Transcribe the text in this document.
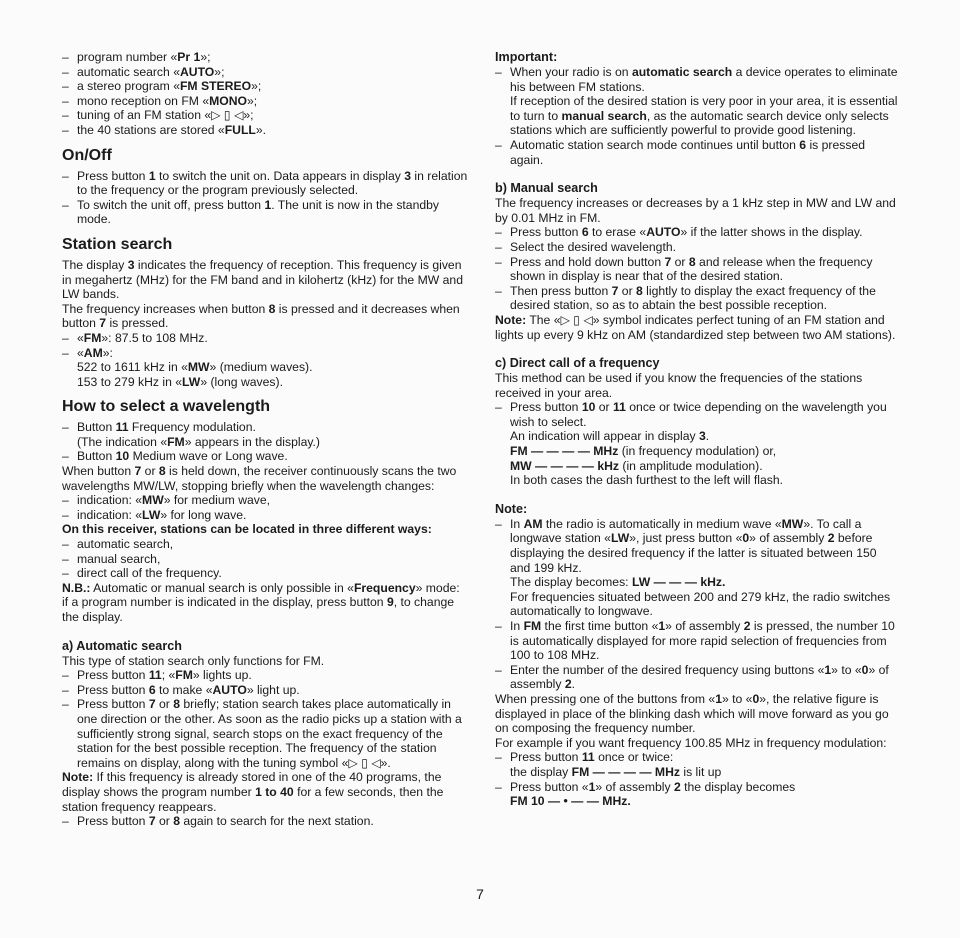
– program number «Pr 1»;
– automatic search «AUTO»;
– a stereo program «FM STEREO»;
– mono reception on FM «MONO»;
– tuning of an FM station «▷ ▯ ◁»;
– the 40 stations are stored «FULL».
On/Off
– Press button 1 to switch the unit on. Data appears in display 3 in relation to the frequency or the program previously selected.
– To switch the unit off, press button 1. The unit is now in the standby mode.
Station search

The display 3 indicates the frequency of reception. This frequency is given in megahertz (MHz) for the FM band and in kilohertz (kHz) for the MW and LW bands.

The frequency increases when button 8 is pressed and it decreases when button 7 is pressed.

– «FM»: 87.5 to 108 MHz.
– «AM»:
522 to 1611 kHz in «MW» (medium waves).
153 to 279 kHz in «LW» (long waves).
How to select a wavelength
– Button 11 Frequency modulation.
(The indication «FM» appears in the display.)
– Button 10 Medium wave or Long wave.

When button 7 or 8 is held down, the receiver continuously scans the two wavelengths MW/LW, stopping briefly when the wavelength changes:

– indication: «MW» for medium wave,
– indication: «LW» for long wave.

On this receiver, stations can be located in three different ways:

– automatic search,
– manual search,
– direct call of the frequency.

N.B.: Automatic or manual search is only possible in «Frequency» mode: if a program number is indicated in the display, press button 9, to change the display.

a) Automatic search

This type of station search only functions for FM.

– Press button 11; «FM» lights up.
– Press button 6 to make «AUTO» light up.
– Press button 7 or 8 briefly; station search takes place automatically in one direction or the other. As soon as the radio picks up a station with a sufficiently strong signal, search stops on the exact frequency of the station for the best possible reception. The frequency of the station remains on display, along with the tuning symbol «▷ ▯ ◁».

Note: If this frequency is already stored in one of the 40 programs, the display shows the program number 1 to 40 for a few seconds, then the station frequency reappears.

– Press button 7 or 8 again to search for the next station.
Important:
– When your radio is on automatic search a device operates to eliminate his between FM stations.
If reception of the desired station is very poor in your area, it is essential to turn to manual search, as the automatic search device only selects stations which are sufficiently powerful to provide good listening.
– Automatic station search mode continues until button 6 is pressed again.
b) Manual search

The frequency increases or decreases by a 1 kHz step in MW and LW and by 0.01 MHz in FM.

– Press button 6 to erase «AUTO» if the latter shows in the display.
– Select the desired wavelength.
– Press and hold down button 7 or 8 and release when the frequency shown in display is near that of the desired station.
– Then press button 7 or 8 lightly to display the exact frequency of the desired station, so as to abtain the best possible reception.

Note: The «▷ ▯ ◁» symbol indicates perfect tuning of an FM station and lights up every 9 kHz on AM (standardized step between two AM stations).

c) Direct call of a frequency

This method can be used if you know the frequencies of the stations received in your area.

– Press button 10 or 11 once or twice depending on the wavelength you wish to select.
An indication will appear in display 3.
FM — — — — MHz (in frequency modulation) or,
MW — — — — kHz (in amplitude modulation).
In both cases the dash furthest to the left will flash.
Note:
– In AM the radio is automatically in medium wave «MW». To call a longwave station «LW», just press button «0» of assembly 2 before displaying the desired frequency if the latter is situated between 150 and 199 kHz.
The display becomes: LW — — — kHz.
For frequencies situated between 200 and 279 kHz, the radio switches automatically to longwave.
– In FM the first time button «1» of assembly 2 is pressed, the number 10 is automatically displayed for more rapid selection of frequencies from 100 to 108 MHz.
– Enter the number of the desired frequency using buttons «1» to «0» of assembly 2.

When pressing one of the buttons from «1» to «0», the relative figure is displayed in place of the blinking dash which will move forward as you go on composing the frequency number.

For example if you want frequency 100.85 MHz in frequency modulation:

– Press button 11 once or twice:
the display FM — — — — MHz is lit up
– Press button «1» of assembly 2 the display becomes
FM 10 — • — — MHz.
7
